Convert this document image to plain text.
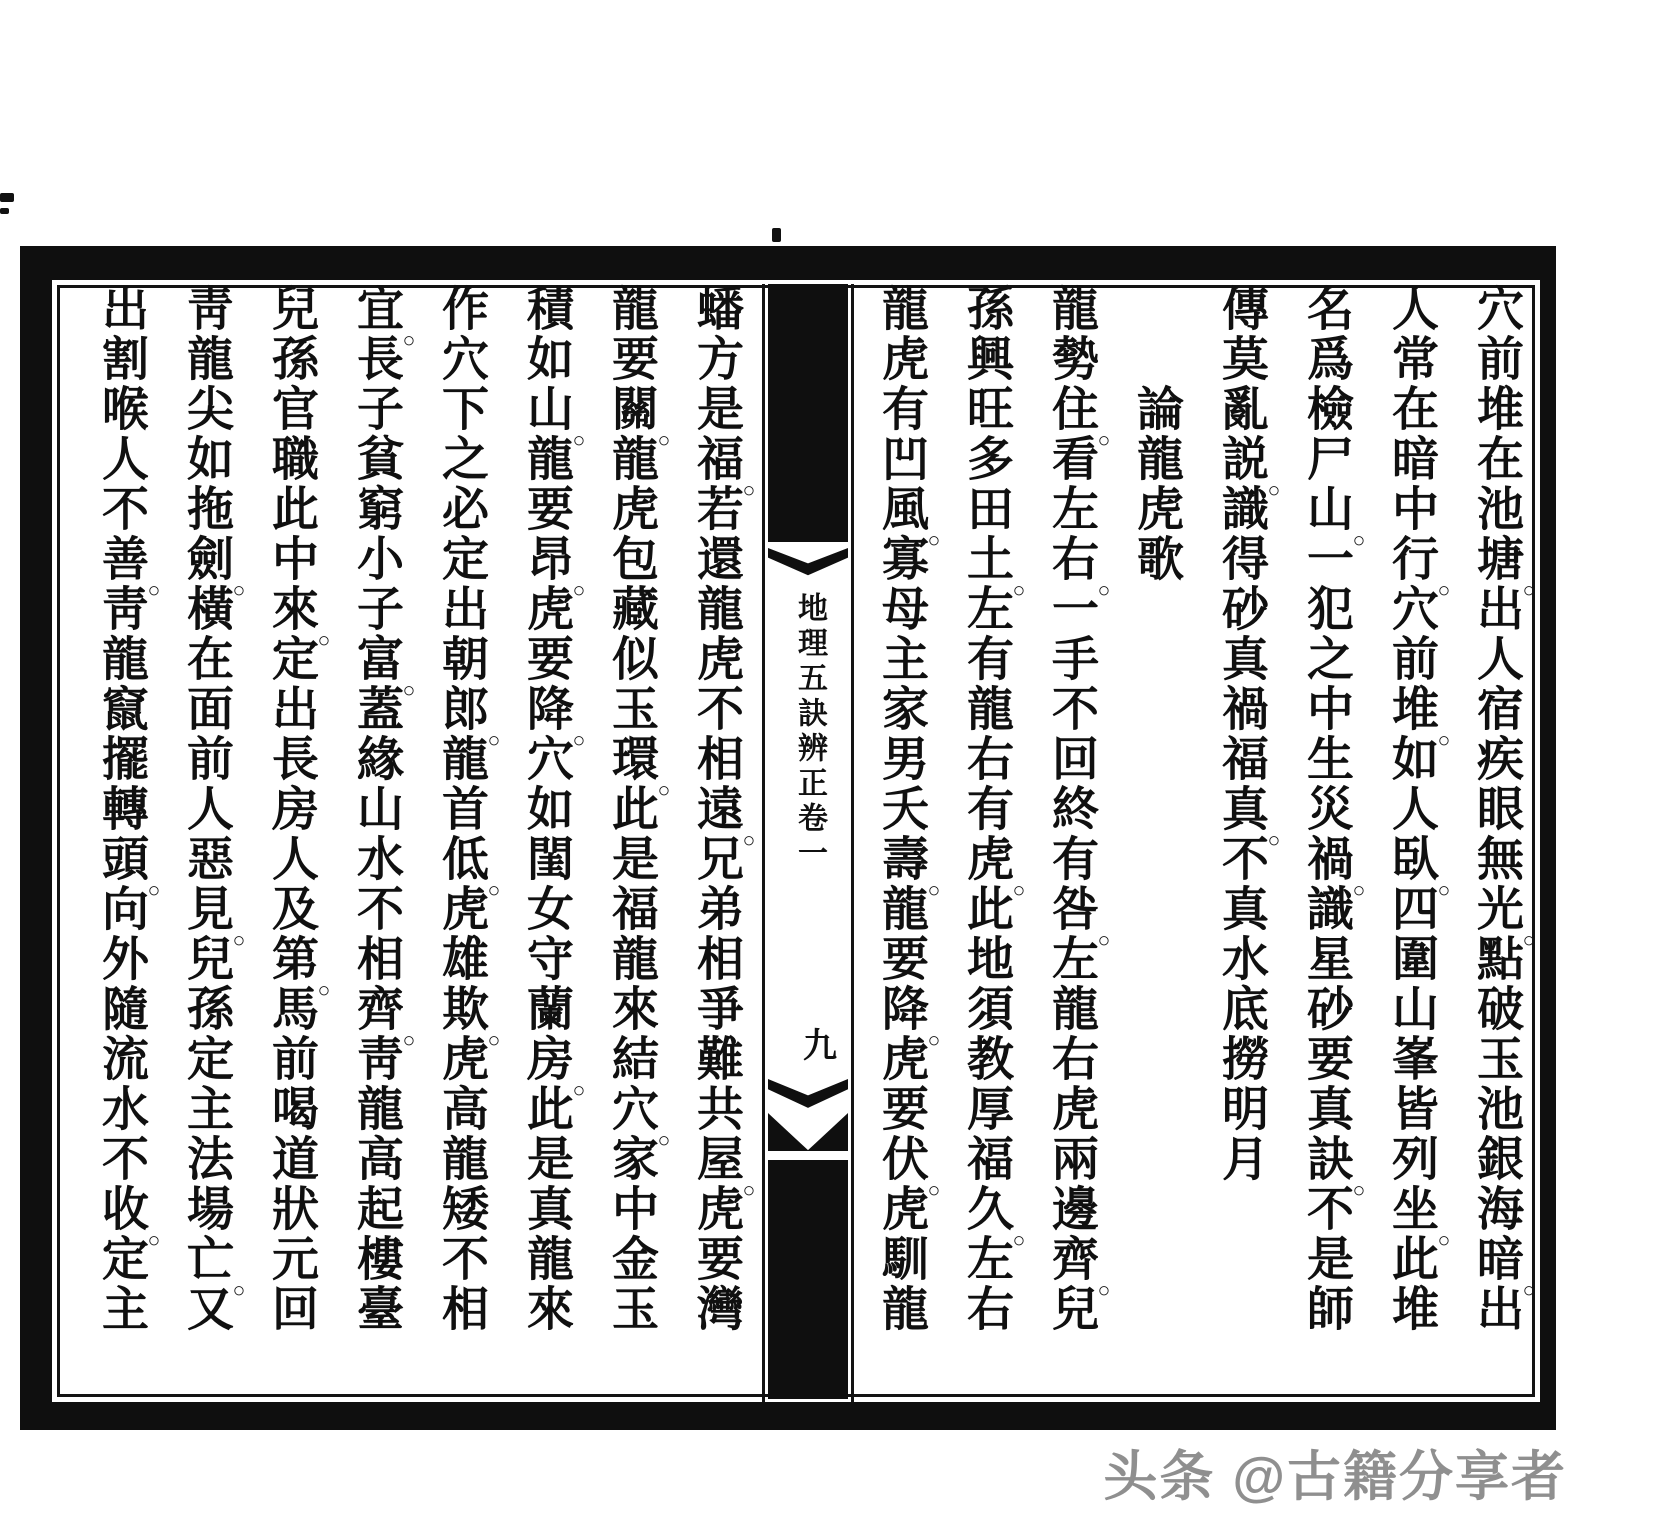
穴前堆在池塘 ○出人宿疾眼無光 ○點破玉池銀海暗 ○出
人常在暗中行 ○穴前堆 ○如人臥 ○四圍山峯皆列坐 ○此堆
名爲檢尸山 ○一犯之中生災禍 ○識星砂要真訣 ○不是師
傳莫亂説 ○識得砂真禍福真 ○不真水底撈明月
論龍虎歌
龍勢住 ○看左右 ○一手不回終有咎 ○左龍右虎兩邊齊 ○兒
孫興旺多田土 ○左有龍右有虎 ○此地須教厚福久 ○左右
龍虎有凹風 ○寡母主家男夭壽 ○龍要降 ○虎要伏 ○虎馴龍
地理五訣辨正卷一
九
蟠方是福 ○若還龍虎不相遠 ○兄弟相爭難共屋 ○虎要灣
龍要關 ○龍虎包藏似玉環 ○此是福龍來結穴 ○家中金玉
積如山 ○龍要昂 ○虎要降 ○穴如閨女守蘭房 ○此是真龍來
作穴下之必定出朝郎 ○龍首低 ○虎雄欺 ○虎高龍矮不相
宜 ○長子貧窮小子富 ○蓋緣山水不相齊 ○靑龍高起樓臺
兒孫官職此中來 ○定出長房人及第 ○馬前喝道狀元回
靑龍尖如拖劍 ○橫在面前人惡見 ○兒孫定主法場亡 ○又
出割喉人不善 ○靑龍竄擺轉頭 ○向外隨流水不收 ○定主
头条 @古籍分享者
